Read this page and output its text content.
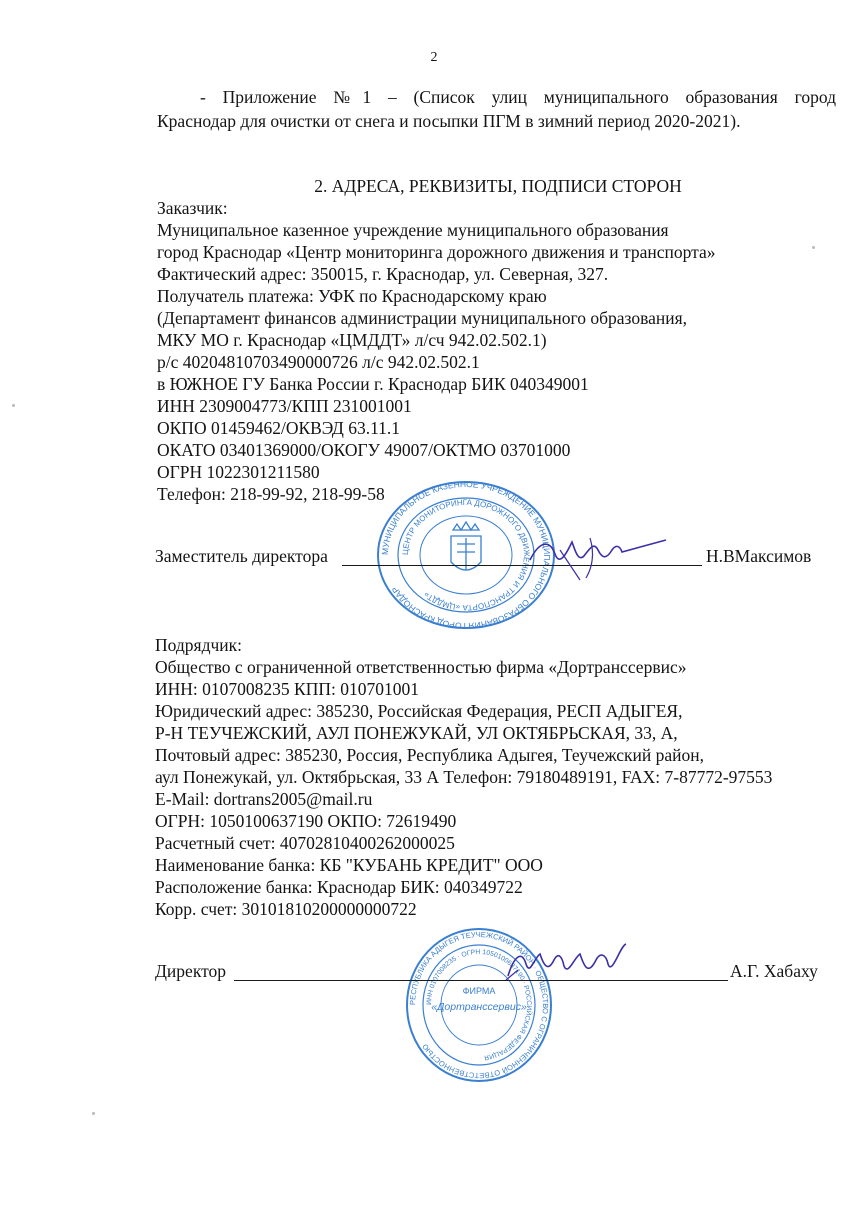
2
- Приложение №1 – (Список улиц муниципального образования город
Краснодар для очистки от снега и посыпки ПГМ в зимний период 2020-2021).
2. АДРЕСА, РЕКВИЗИТЫ, ПОДПИСИ СТОРОН
Заказчик:
Муниципальное казенное учреждение муниципального образования
город Краснодар «Центр мониторинга дорожного движения и транспорта»
Фактический адрес: 350015, г. Краснодар, ул. Северная, 327.
Получатель платежа: УФК по Краснодарскому краю
(Департамент финансов администрации муниципального образования,
МКУ МО г. Краснодар «ЦМДДТ» л/сч 942.02.502.1)
р/с 40204810703490000726 л/с 942.02.502.1
в ЮЖНОЕ ГУ Банка России г. Краснодар БИК 040349001
ИНН 2309004773/КПП 231001001
ОКПО 01459462/ОКВЭД 63.11.1
ОКАТО 03401369000/ОКОГУ 49007/ОКТМО 03701000
ОГРН 1022301211580
Телефон: 218-99-92, 218-99-58
МУНИЦИПАЛЬНОЕ КАЗЕННОЕ УЧРЕЖДЕНИЕ МУНИЦИПАЛЬНОГО ОБРАЗОВАНИЯ ГОРОД КРАСНОДАР
ЦЕНТР МОНИТОРИНГА ДОРОЖНОГО ДВИЖЕНИЯ И ТРАНСПОРТА «ЦМДДТ»
Заместитель директора	Н.ВМаксимов
Подрядчик:
Общество с ограниченной ответственностью фирма «Дортранссервис»
ИНН: 0107008235 КПП: 010701001
Юридический адрес: 385230, Российская Федерация, РЕСП АДЫГЕЯ,
Р-Н ТЕУЧЕЖСКИЙ, АУЛ ПОНЕЖУКАЙ, УЛ ОКТЯБРЬСКАЯ, 33, А,
Почтовый адрес: 385230, Россия, Республика Адыгея, Теучежский район,
аул Понежукай, ул. Октябрьская, 33 А Телефон: 79180489191, FAX: 7-87772-97553
E-Mail: dortrans2005@mail.ru
ОГРН: 1050100637190 ОКПО: 72619490
Расчетный счет: 40702810400262000025
Наименование банка: КБ "КУБАНЬ КРЕДИТ" ООО
Расположение банка: Краснодар БИК: 040349722
Корр. счет: 30101810200000000722
РЕСПУБЛИКА АДЫГЕЯ ТЕУЧЕЖСКИЙ РАЙОН · ОБЩЕСТВО С ОГРАНИЧЕННОЙ ОТВЕТСТВЕННОСТЬЮ
ИНН 0107008235 · ОГРН 1050100637190 · РОССИЙСКАЯ ФЕДЕРАЦИЯ
ФИРМА
«Дортранссервис»
Директор	А.Г. Хабаху
